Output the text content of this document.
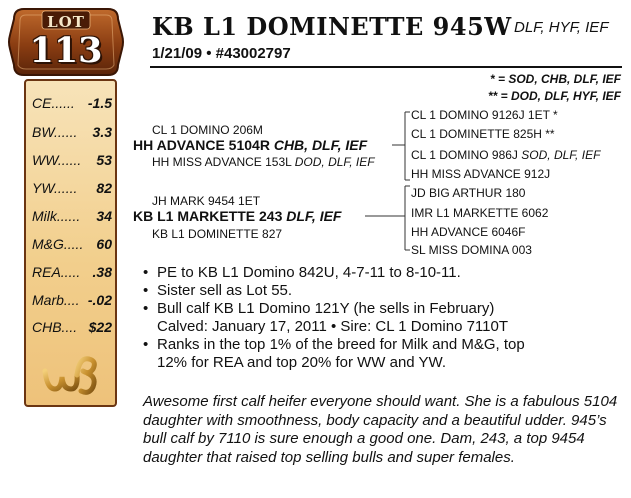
LOT
113
CE...... -1.5
BW...... 3.3
WW...... 53
YW...... 82
Milk...... 34
M&G..... 60
REA..... .38
Marb.... -.02
CHB.... $22
KB L1 DOMINETTE 945W DLF, HYF, IEF
1/21/09 • #43002797
* = SOD, CHB, DLF, IEF
** = DOD, DLF, HYF, IEF
CL 1 DOMINO 206M
HH ADVANCE 5104R CHB, DLF, IEF
HH MISS ADVANCE 153L DOD, DLF, IEF
JH MARK 9454 1ET
KB L1 MARKETTE 243 DLF, IEF
KB L1 DOMINETTE 827
CL 1 DOMINO 9126J 1ET *
CL 1 DOMINETTE 825H **
CL 1 DOMINO 986J SOD, DLF, IEF
HH MISS ADVANCE 912J
JD BIG ARTHUR 180
IMR L1 MARKETTE 6062
HH ADVANCE 6046F
SL MISS DOMINA 003
• PE to KB L1 Domino 842U, 4-7-11 to 8-10-11.
• Sister sell as Lot 55.
• Bull calf KB L1 Domino 121Y (he sells in February)
Calved: January 17, 2011 • Sire: CL 1 Domino 7110T
• Ranks in the top 1% of the breed for Milk and M&G, top
12% for REA and top 20% for WW and YW.
Awesome first calf heifer everyone should want. She is a fabulous 5104 daughter with smoothness, body capacity and a beautiful udder. 945’s bull calf by 7110 is sure enough a good one. Dam, 243, a top 9454 daughter that raised top selling bulls and super females.
